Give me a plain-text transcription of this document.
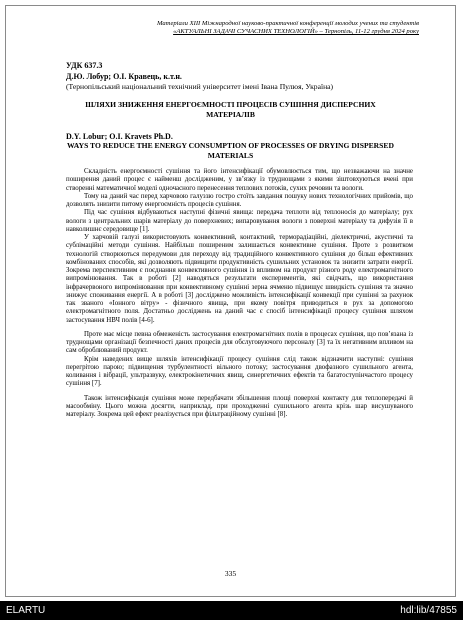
Матеріали XIII Міжнародної науково-практичної конференції молодих учених та студентів
«АКТУАЛЬНІ ЗАДАЧІ СУЧАСНИХ ТЕХНОЛОГІЙ» – Тернопіль, 11-12 грудня 2024 року
УДК 637.3
Д.Ю. Лобур; О.І. Кравець, к.т.н.
(Тернопільський національний технічний університет імені Івана Пулюя, Україна)
ШЛЯХИ ЗНИЖЕННЯ ЕНЕРГОЄМНОСТІ ПРОЦЕСІВ СУШІННЯ ДИСПЕРСНИХ МАТЕРІАЛІВ
D.Y. Lobur; O.I. Kravets Ph.D.
WAYS TO REDUCE THE ENERGY CONSUMPTION OF PROCESSES OF DRYING DISPERSED MATERIALS

Складність енергоємності сушіння та його інтенсифікації обумовлюється тим, що незважаючи на значне поширення даний процес є найменш дослідженим, у зв’язку із труднощами з якими зіштовхуються вчені при створенні математичної моделі одночасного перенесення теплових потоків, сухих речовин та вологи.

Тому на даний час перед харчовою галуззю гостро стоїть завдання пошуку нових технологічних прийомів, що дозволять знизити питому енергоємність процесів сушіння.

Під час сушіння відбуваються наступні фізичні явища: передача теплоти від теплоносія до матеріалу; рух вологи з центральних шарів матеріалу до поверхневих; випаровування вологи з поверхні матеріалу та дифузія її в навколишнє середовище [1].

У харчовій галузі використовують конвективний, контактний, терморадіаційні, діелектричні, акустичні та сублімаційні методи сушіння. Найбільш поширеним залишається конвективне сушіння. Проте з розвитком технологій створюються передумови для переходу від традиційного конвективного сушіння до більш ефективних комбінованих способів, які дозволяють підвищити продуктивність сушильних установок та знизити затрати енергії. Зокрема перспективним є поєднання конвективного сушіння із впливом на продукт різного роду електромагнітного випромінювання. Так в роботі [2] наводяться результати експериментів, які свідчать, що використання інфрачервоного випромінювання при конвективному сушінні зерна ячменю підвищує швидкість сушіння та значно знижує споживання енергії. А в роботі [3] досліджено можливість інтенсифікації конвекції при сушінні за рахунок так званого «Іонного вітру» - фізичного явища, при якому повітря приводиться в рух за допомогою електромагнітного поля. Достатньо досліджень на даний час є спосіб інтенсифікації процесу сушіння шляхом застосування НВЧ полів [4-6].

Проте має місце певна обмеженість застосування електромагнітних полів в процесах сушіння, що пов’язана із труднощами організації безпечності даних процесів для обслуговуючого персоналу [3] та їх негативним впливом на сам оброблюваний продукт.

Крім наведених вище шляхів інтенсифікації процесу сушіння слід також відзначити наступні: сушіння перегрітою парою; підвищення турбулентності вільного потоку; застосування двофазного сушильного агента, коливання і вібрації, ультразвуку, електрокінетичних явищ, синергетичних ефектів та багатоступінчастого процесу сушіння [7].

Також інтенсифікація сушіння може передбачати збільшення площі поверхні контакту для теплопередачі й масообміну. Цього можна досягти, наприклад, при проходженні сушильного агента крізь шар висушуваного матеріалу. Зокрема цей ефект реалізується при фільтраційному сушінні [8].

335
ELARTU	hdl:lib/47855
